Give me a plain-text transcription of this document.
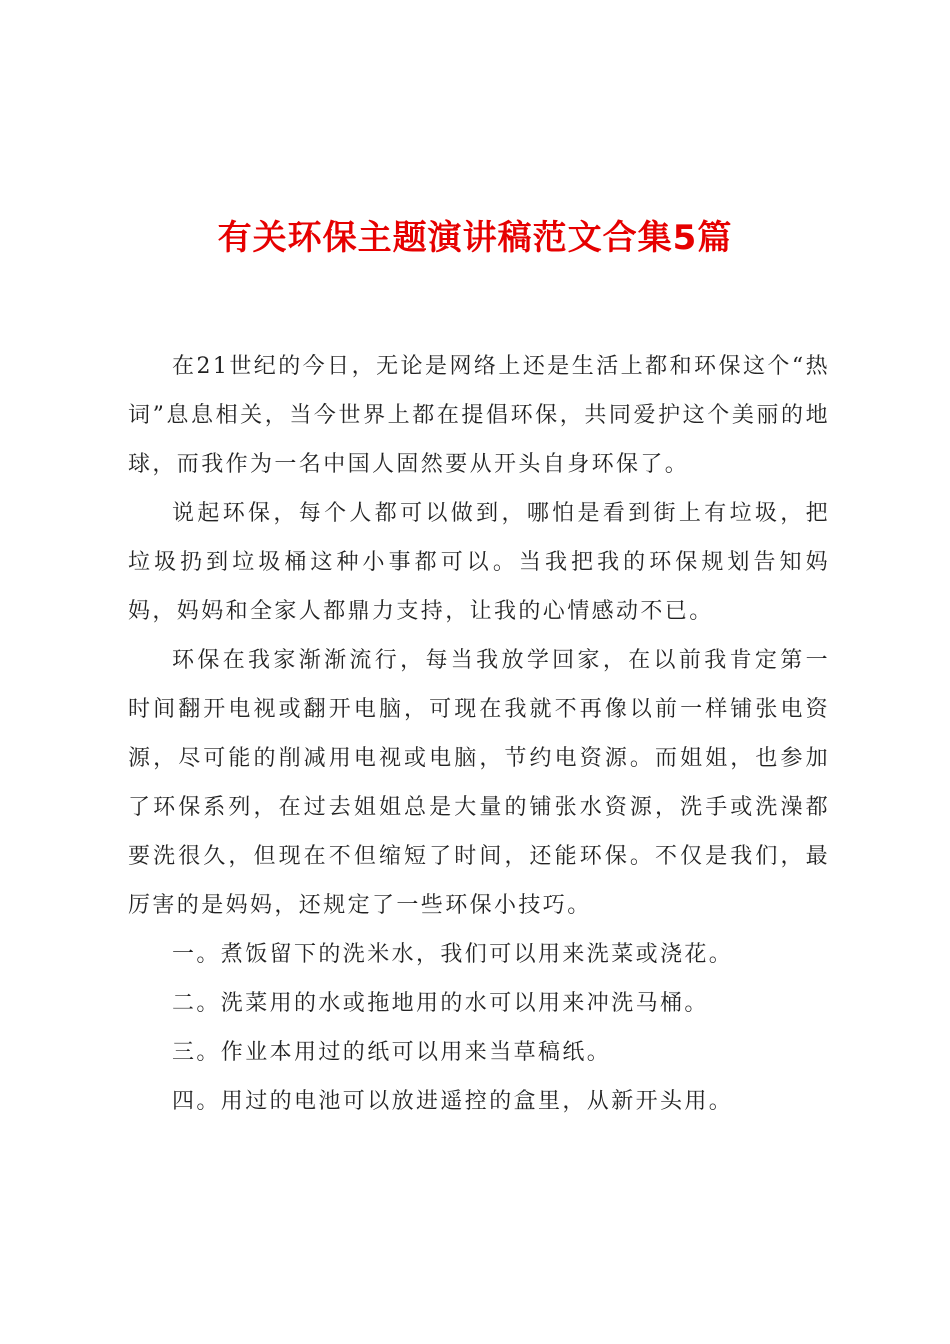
有关环保主题演讲稿范文合集5篇

在21世纪的今日，无论是网络上还是生活上都和环保这个“热词”息息相关，当今世界上都在提倡环保，共同爱护这个美丽的地球，而我作为一名中国人固然要从开头自身环保了。

说起环保，每个人都可以做到，哪怕是看到街上有垃圾，把垃圾扔到垃圾桶这种小事都可以。当我把我的环保规划告知妈妈，妈妈和全家人都鼎力支持，让我的心情感动不已。

环保在我家渐渐流行，每当我放学回家，在以前我肯定第一时间翻开电视或翻开电脑，可现在我就不再像以前一样铺张电资源，尽可能的削减用电视或电脑，节约电资源。而姐姐，也参加了环保系列，在过去姐姐总是大量的铺张水资源，洗手或洗澡都要洗很久，但现在不但缩短了时间，还能环保。不仅是我们，最厉害的是妈妈，还规定了一些环保小技巧。

一。煮饭留下的洗米水，我们可以用来洗菜或浇花。

二。洗菜用的水或拖地用的水可以用来冲洗马桶。

三。作业本用过的纸可以用来当草稿纸。

四。用过的电池可以放进遥控的盒里，从新开头用。
